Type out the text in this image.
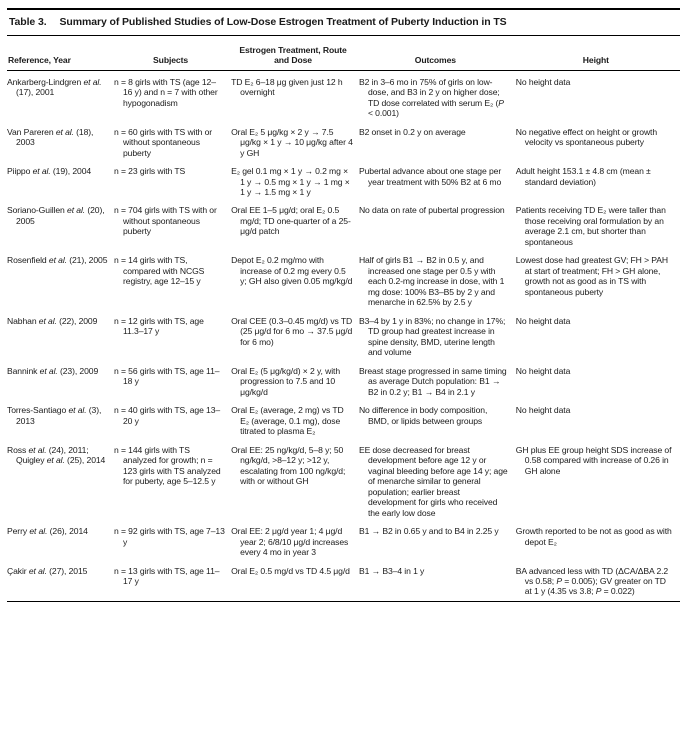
Table 3. Summary of Published Studies of Low-Dose Estrogen Treatment of Puberty Induction in TS
Reference, Year	Subjects	Estrogen Treatment, Route and Dose	Outcomes	Height

Ankarberg-Lindgren et al. (17), 2001	n = 8 girls with TS (age 12–16 y) and n = 7 with other hypogonadism	TD E₂ 6–18 μg given just 12 h overnight	B2 in 3–6 mo in 75% of girls on low-dose, and B3 in 2 y on higher dose; TD dose correlated with serum E₂ (P < 0.001)	No height data

Van Pareren et al. (18), 2003	n = 60 girls with TS with or without spontaneous puberty	Oral E₂ 5 μg/kg × 2 y → 7.5 μg/kg × 1 y → 10 μg/kg after 4 y GH	B2 onset in 0.2 y on average	No negative effect on height or growth velocity vs spontaneous puberty

Piippo et al. (19), 2004	n = 23 girls with TS	E₂ gel 0.1 mg × 1 y → 0.2 mg × 1 y → 0.5 mg × 1 y → 1 mg × 1 y → 1.5 mg × 1 y	Pubertal advance about one stage per year treatment with 50% B2 at 6 mo	Adult height 153.1 ± 4.8 cm (mean ± standard deviation)

Soriano-Guillen et al. (20), 2005	n = 704 girls with TS with or without spontaneous puberty	Oral EE 1–5 μg/d; oral E₂ 0.5 mg/d; TD one-quarter of a 25-μg/d patch	No data on rate of pubertal progression	Patients receiving TD E₂ were taller than those receiving oral formulation by an average 2.1 cm, but shorter than spontaneous

Rosenfield et al. (21), 2005	n = 14 girls with TS, compared with NCGS registry, age 12–15 y	Depot E₂ 0.2 mg/mo with increase of 0.2 mg every 0.5 y; GH also given 0.05 mg/kg/d	Half of girls B1 → B2 in 0.5 y, and increased one stage per 0.5 y with each 0.2-mg increase in dose, with 1 mg dose: 100% B3–B5 by 2 y and menarche in 62.5% by 2.5 y	Lowest dose had greatest GV; FH > PAH at start of treatment; FH > GH alone, growth not as good as in TS with spontaneous puberty

Nabhan et al. (22), 2009	n = 12 girls with TS, age 11.3–17 y	Oral CEE (0.3–0.45 mg/d) vs TD (25 μg/d for 6 mo → 37.5 μg/d for 6 mo)	B3–4 by 1 y in 83%; no change in 17%; TD group had greatest increase in spine density, BMD, uterine length and volume	No height data

Bannink et al. (23), 2009	n = 56 girls with TS, age 11–18 y	Oral E₂ (5 μg/kg/d) × 2 y, with progression to 7.5 and 10 μg/kg/d	Breast stage progressed in same timing as average Dutch population: B1 → B2 in 0.2 y; B1 → B4 in 2.1 y	No height data

Torres-Santiago et al. (3), 2013	n = 40 girls with TS, age 13–20 y	Oral E₂ (average, 2 mg) vs TD E₂ (average, 0.1 mg), dose titrated to plasma E₂	No difference in body composition, BMD, or lipids between groups	No height data

Ross et al. (24), 2011; Quigley et al. (25), 2014	n = 144 girls with TS analyzed for growth; n = 123 girls with TS analyzed for puberty, age 5–12.5 y	Oral EE: 25 ng/kg/d, 5–8 y; 50 ng/kg/d, >8–12 y; >12 y, escalating from 100 ng/kg/d; with or without GH	EE dose decreased for breast development before age 12 y or vaginal bleeding before age 14 y; age of menarche similar to general population; earlier breast development for girls who received the early low dose	GH plus EE group height SDS increase of 0.58 compared with increase of 0.26 in GH alone

Perry et al. (26), 2014	n = 92 girls with TS, age 7–13 y	Oral EE: 2 μg/d year 1; 4 μg/d year 2; 6/8/10 μg/d increases every 4 mo in year 3	B1 → B2 in 0.65 y and to B4 in 2.25 y	Growth reported to be not as good as with depot E₂

Çakir et al. (27), 2015	n = 13 girls with TS, age 11–17 y	Oral E₂ 0.5 mg/d vs TD 4.5 μg/d	B1 → B3–4 in 1 y	BA advanced less with TD (ΔCA/ΔBA 2.2 vs 0.58; P = 0.005); GV greater on TD at 1 y (4.35 vs 3.8; P = 0.022)
